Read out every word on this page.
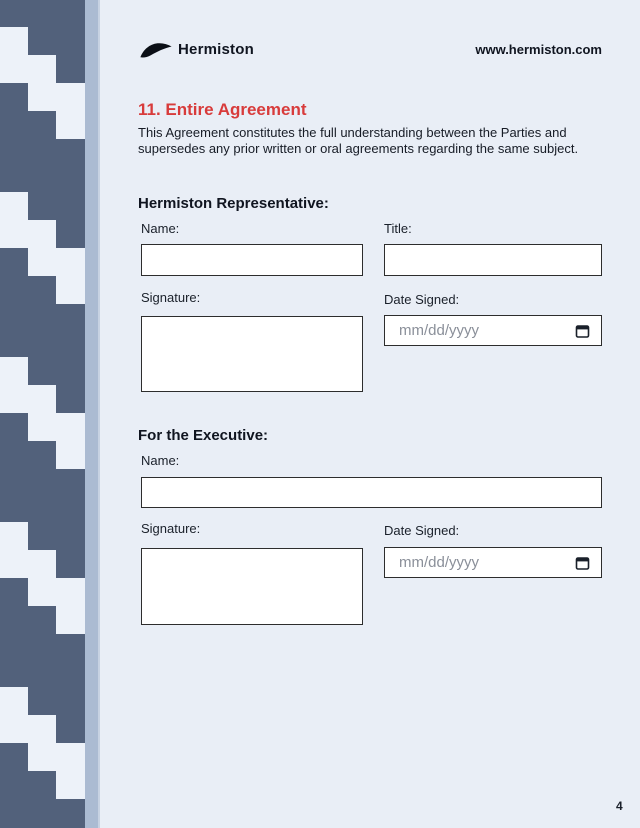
Hermiston	www.hermiston.com
11. Entire Agreement

This Agreement constitutes the full understanding between the Parties and supersedes any prior written or oral agreements regarding the same subject.

Hermiston Representative:
Name:	Title:
Signature:	Date Signed:
mm/dd/yyyy
For the Executive:
Name:
Signature:	Date Signed:
mm/dd/yyyy
4
